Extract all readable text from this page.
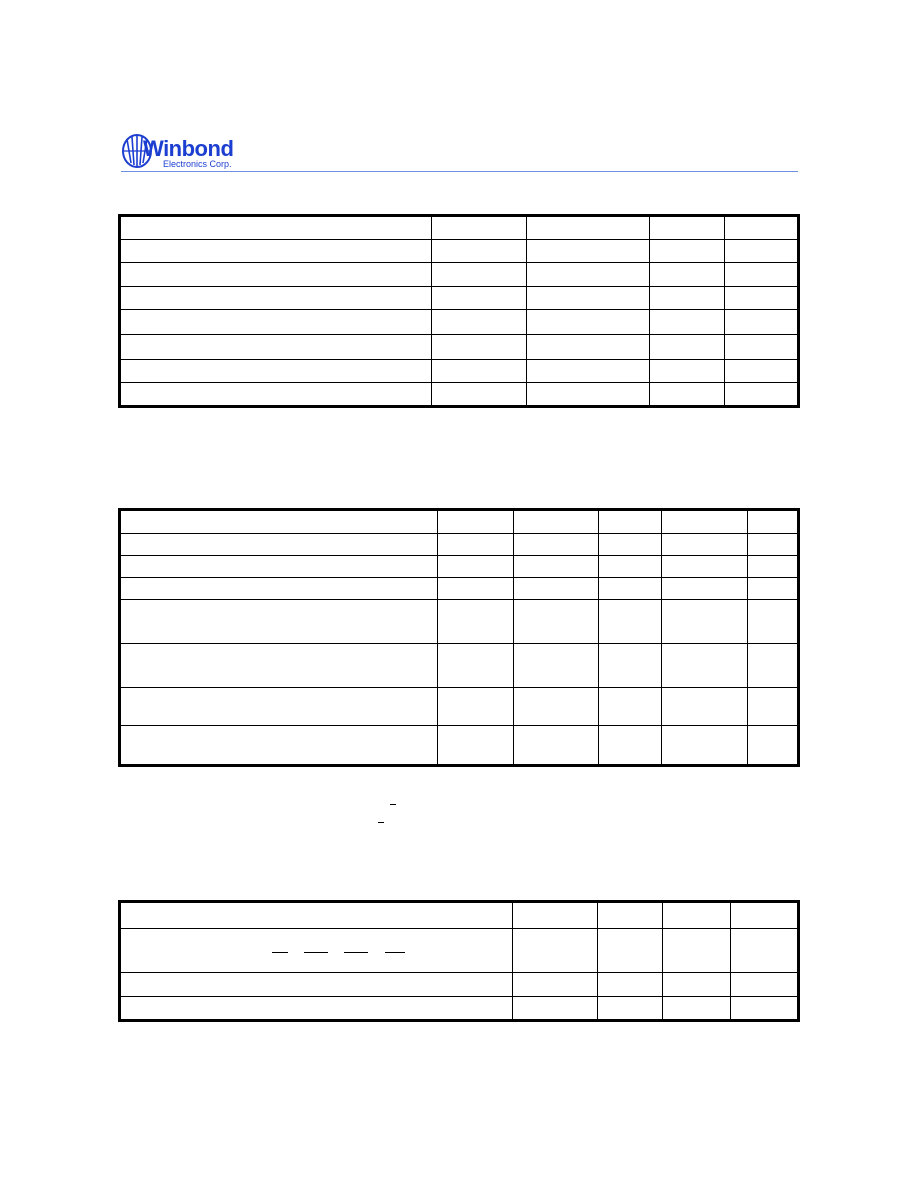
Winbond
Electronics Corp.
